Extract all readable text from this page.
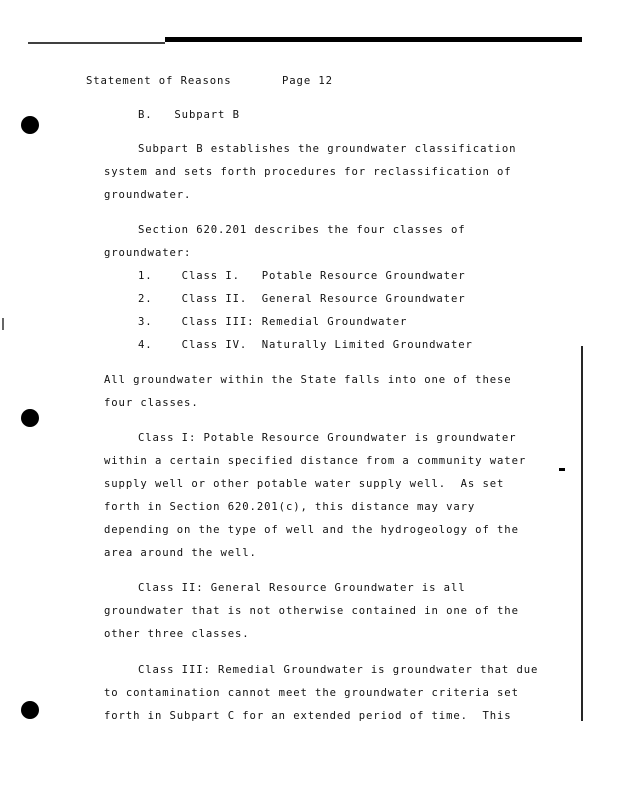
Statement of Reasons	Page 12
B.   Subpart B
Subpart B establishes the groundwater classification
system and sets forth procedures for reclassification of
groundwater.
Section 620.201 describes the four classes of
groundwater:
1.    Class I.   Potable Resource Groundwater
2.    Class II.  General Resource Groundwater
3.    Class III: Remedial Groundwater
4.    Class IV.  Naturally Limited Groundwater
All groundwater within the State falls into one of these
four classes.
Class I: Potable Resource Groundwater is groundwater
within a certain specified distance from a community water
supply well or other potable water supply well.  As set
forth in Section 620.201(c), this distance may vary
depending on the type of well and the hydrogeology of the
area around the well.
Class II: General Resource Groundwater is all
groundwater that is not otherwise contained in one of the
other three classes.
Class III: Remedial Groundwater is groundwater that due
to contamination cannot meet the groundwater criteria set
forth in Subpart C for an extended period of time.  This
